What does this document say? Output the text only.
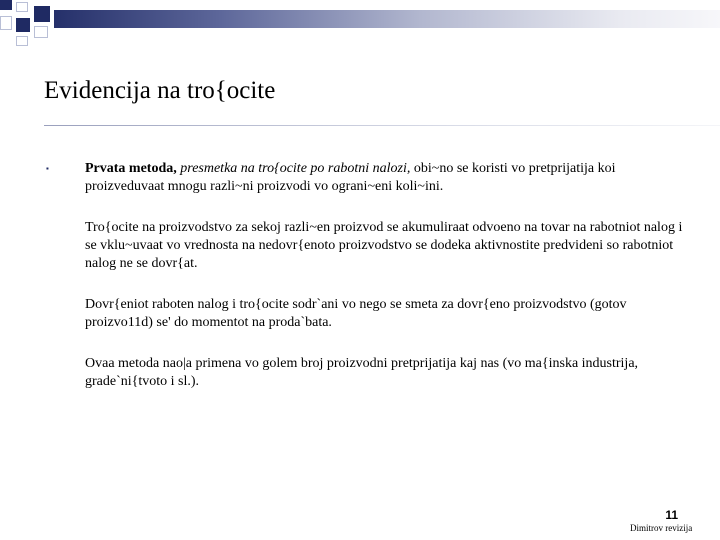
Evidencija na tro{ocite
▪	Prvata metoda, presmetka na tro{ocite po rabotni nalozi, obi~no se koristi vo pretprijatija koi proizveduvaat mnogu razli~ni proizvodi vo ograni~eni koli~ini.
Tro{ocite na proizvodstvo za sekoj razli~en proizvod se akumuliraat odvoeno na tovar na rabotniot nalog i se vklu~uvaat vo vrednosta na nedovr{enoto proizvodstvo se dodeka aktivnostite predvideni so rabotniot nalog ne se dovr{at.
Dovr{eniot raboten nalog i tro{ocite sodr`ani vo nego se smeta za dovr{eno proizvodstvo (gotov proizvo11d) se' do momentot na proda`bata.
Ovaa metoda nao|a primena vo golem broj proizvodni pretprijatija kaj nas (vo ma{inska industrija, grade`ni{tvoto i sl.).
11
Dimitrov revizija
